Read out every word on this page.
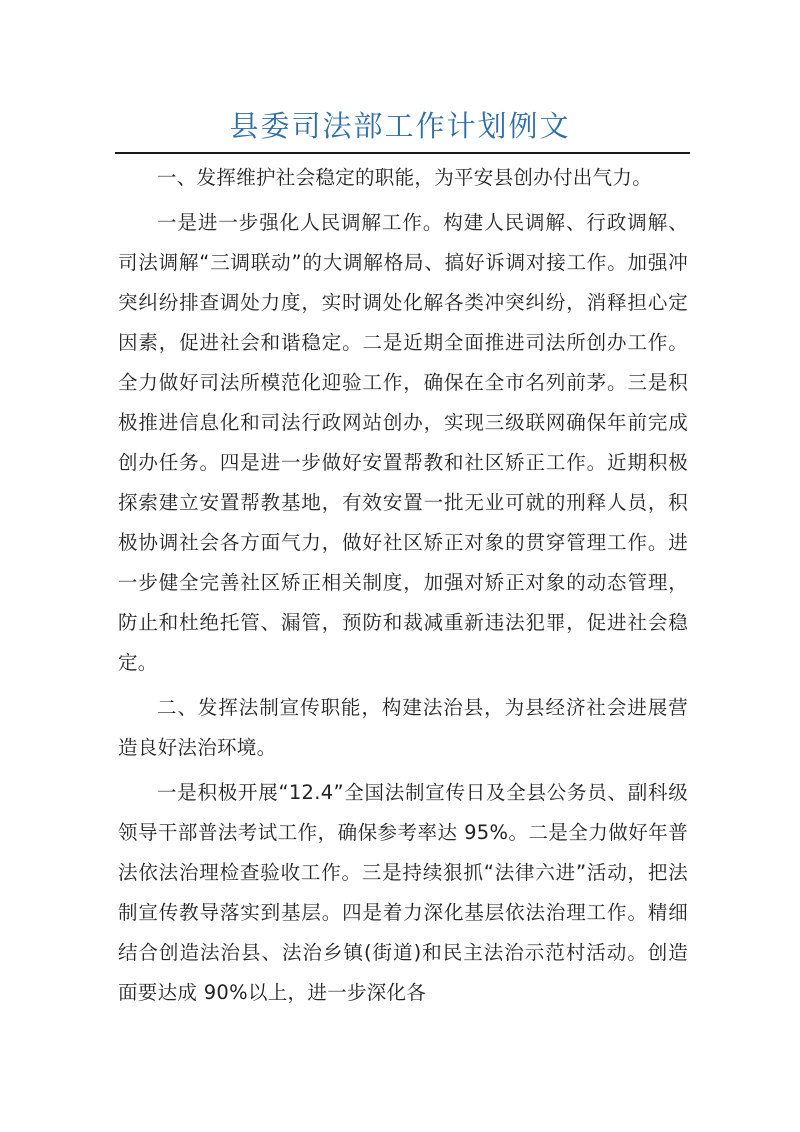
县委司法部工作计划例文

一、发挥维护社会稳定的职能，为平安县创办付出气力。

一是进一步强化人民调解工作。构建人民调解、行政调解、司法调解“三调联动”的大调解格局、搞好诉调对接工作。加强冲突纠纷排查调处力度，实时调处化解各类冲突纠纷，消释担心定因素，促进社会和谐稳定。二是近期全面推进司法所创办工作。全力做好司法所模范化迎验工作，确保在全市名列前茅。三是积极推进信息化和司法行政网站创办，实现三级联网确保年前完成创办任务。四是进一步做好安置帮教和社区矫正工作。近期积极探索建立安置帮教基地，有效安置一批无业可就的刑释人员，积极协调社会各方面气力，做好社区矫正对象的贯穿管理工作。进一步健全完善社区矫正相关制度，加强对矫正对象的动态管理，防止和杜绝托管、漏管，预防和裁减重新违法犯罪，促进社会稳定。

二、发挥法制宣传职能，构建法治县，为县经济社会进展营造良好法治环境。

一是积极开展“12.4”全国法制宣传日及全县公务员、副科级领导干部普法考试工作，确保参考率达 95%。二是全力做好年普法依法治理检查验收工作。三是持续狠抓“法律六进”活动，把法制宣传教导落实到基层。四是着力深化基层依法治理工作。精细结合创造法治县、法治乡镇(街道)和民主法治示范村活动。创造面要达成 90%以上，进一步深化各
